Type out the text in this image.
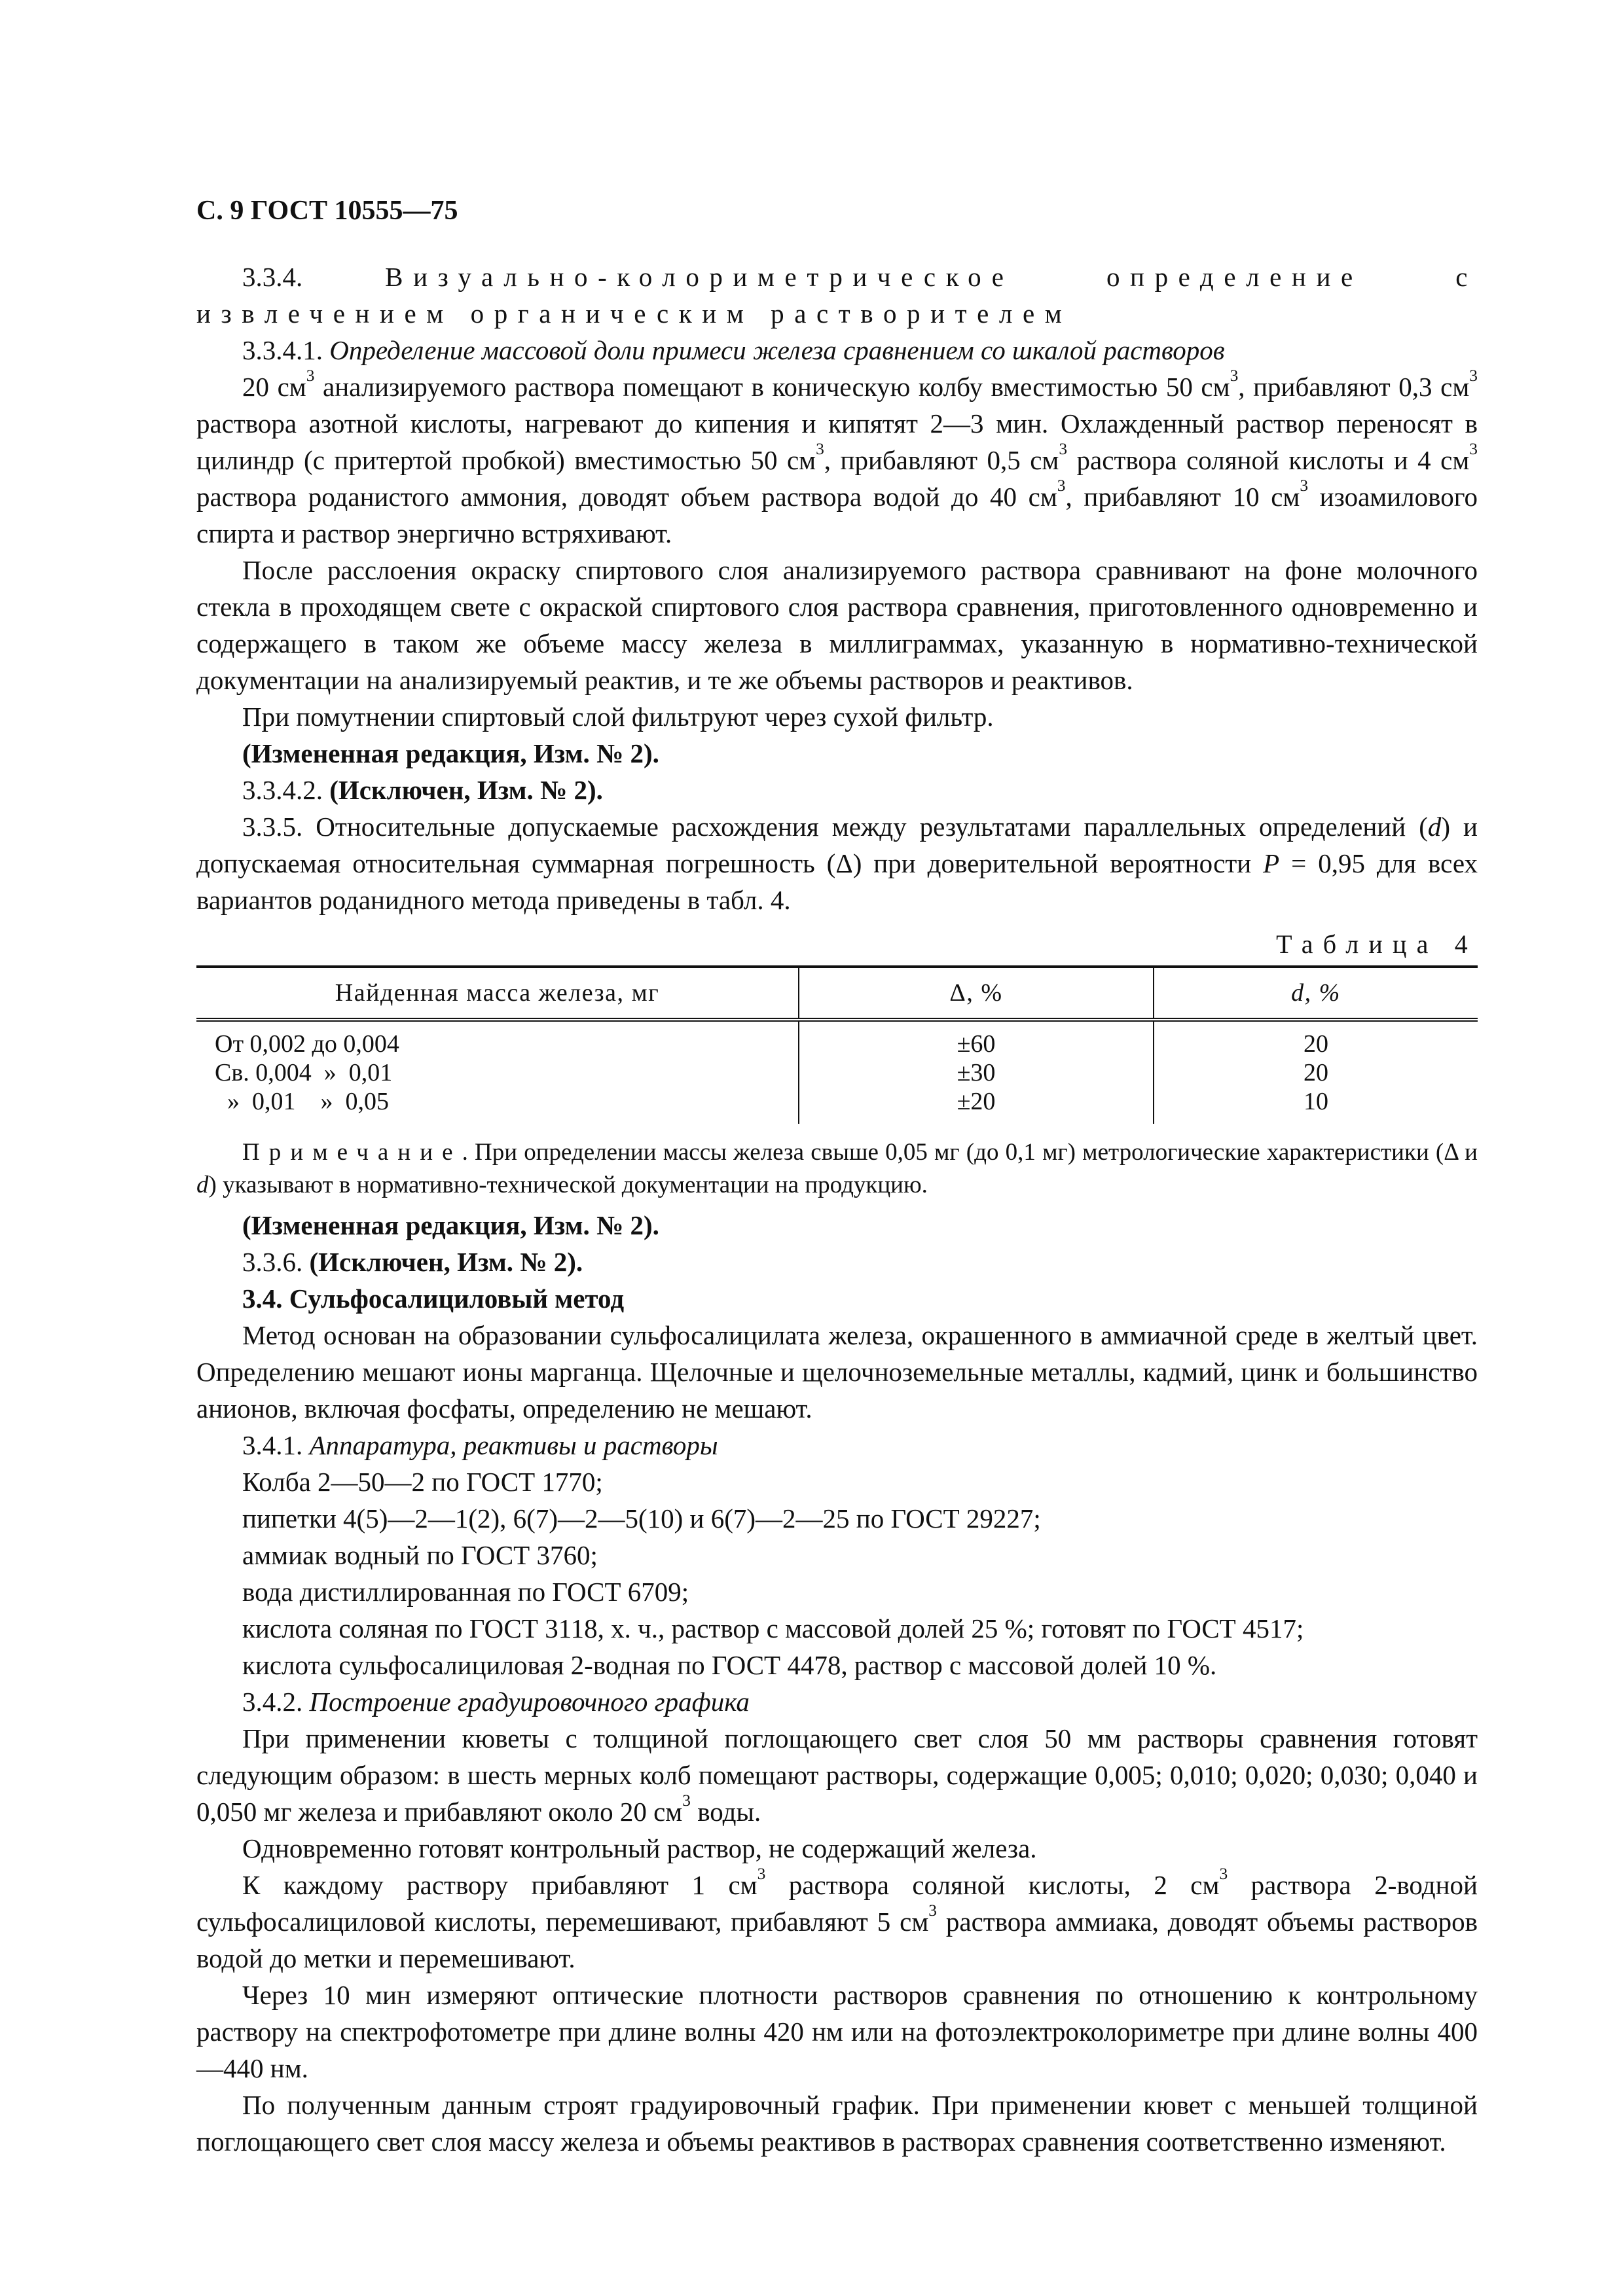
С. 9 ГОСТ 10555—75

3.3.4. Визуально-колориметрическое определение с извлечением органическим растворителем

3.3.4.1. Определение массовой доли примеси железа сравнением со шкалой растворов

20 $см^3$ анализируемого раствора помещают в коническую колбу вместимостью 50 $см^3$, прибавляют 0,3 $см^3$ раствора азотной кислоты, нагревают до кипения и кипятят 2—3 мин. Охлажденный раствор переносят в цилиндр (с притертой пробкой) вместимостью 50 $см^3$, прибавляют 0,5 $см^3$ раствора соляной кислоты и 4 $см^3$ раствора роданистого аммония, доводят объем раствора водой до 40 $см^3$, прибавляют 10 $см^3$ изоамилового спирта и раствор энергично встряхивают.

После расслоения окраску спиртового слоя анализируемого раствора сравнивают на фоне молочного стекла в проходящем свете с окраской спиртового слоя раствора сравнения, приготовленного одновременно и содержащего в таком же объеме массу железа в миллиграммах, указанную в нормативно-технической документации на анализируемый реактив, и те же объемы растворов и реактивов.

При помутнении спиртовый слой фильтруют через сухой фильтр.

(Измененная редакция, Изм. № 2).

3.3.4.2. (Исключен, Изм. № 2).

3.3.5. Относительные допускаемые расхождения между результатами параллельных определений (d) и допускаемая относительная суммарная погрешность (Δ) при доверительной вероятности P = 0,95 для всех вариантов роданидного метода приведены в табл. 4.

Таблица 4
Найденная масса железа, мг	Δ, %	d, %
От 0,002 до 0,004	±60	20
Св. 0,004  »  0,01	±30	20
»  0,01    »  0,05	±20	10

Примечание. При определении массы железа свыше 0,05 мг (до 0,1 мг) метрологические характеристики (Δ и d) указывают в нормативно-технической документации на продукцию.

(Измененная редакция, Изм. № 2).

3.3.6. (Исключен, Изм. № 2).

3.4. Сульфосалициловый метод

Метод основан на образовании сульфосалицилата железа, окрашенного в аммиачной среде в желтый цвет. Определению мешают ионы марганца. Щелочные и щелочноземельные металлы, кадмий, цинк и большинство анионов, включая фосфаты, определению не мешают.

3.4.1. Аппаратура, реактивы и растворы

Колба 2—50—2 по ГОСТ 1770;

пипетки 4(5)—2—1(2), 6(7)—2—5(10) и 6(7)—2—25 по ГОСТ 29227;

аммиак водный по ГОСТ 3760;

вода дистиллированная по ГОСТ 6709;

кислота соляная по ГОСТ 3118, х. ч., раствор с массовой долей 25 %; готовят по ГОСТ 4517;

кислота сульфосалициловая 2-водная по ГОСТ 4478, раствор с массовой долей 10 %.

3.4.2. Построение градуировочного графика

При применении кюветы с толщиной поглощающего свет слоя 50 мм растворы сравнения готовят следующим образом: в шесть мерных колб помещают растворы, содержащие 0,005; 0,010; 0,020; 0,030; 0,040 и 0,050 мг железа и прибавляют около 20 $см^3$ воды.

Одновременно готовят контрольный раствор, не содержащий железа.

К каждому раствору прибавляют 1 $см^3$ раствора соляной кислоты, 2 $см^3$ раствора 2-водной сульфосалициловой кислоты, перемешивают, прибавляют 5 $см^3$ раствора аммиака, доводят объемы растворов водой до метки и перемешивают.

Через 10 мин измеряют оптические плотности растворов сравнения по отношению к контрольному раствору на спектрофотометре при длине волны 420 нм или на фотоэлектроколориметре при длине волны 400—440 нм.

По полученным данным строят градуировочный график. При применении кювет с меньшей толщиной поглощающего свет слоя массу железа и объемы реактивов в растворах сравнения соответственно изменяют.
